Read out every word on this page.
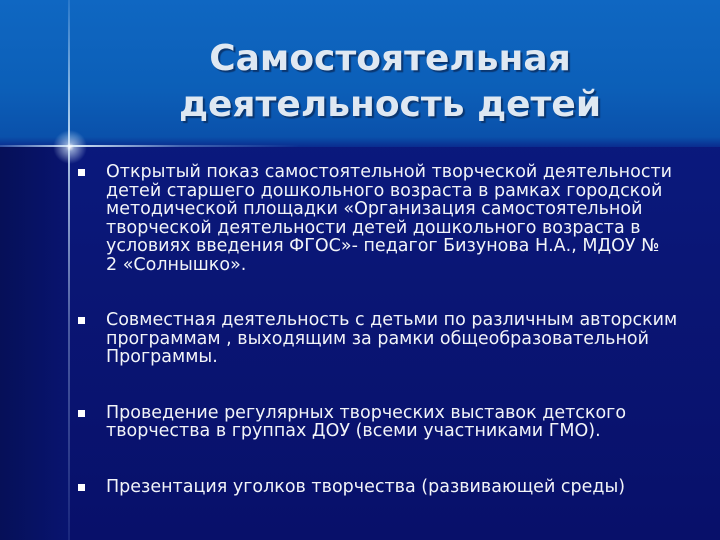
Самостоятельная
деятельность детей
Открытый показ самостоятельной творческой деятельности
детей старшего дошкольного возраста в рамках городской
методической площадки «Организация самостоятельной
творческой деятельности детей дошкольного возраста в
условиях введения ФГОС»- педагог Бизунова Н.А., МДОУ №
2 «Солнышко».
Совместная деятельность с детьми по различным авторским
программам , выходящим за рамки общеобразовательной
Программы.
Проведение регулярных творческих выставок детского
творчества в группах ДОУ (всеми участниками ГМО).
Презентация уголков творчества (развивающей среды)
